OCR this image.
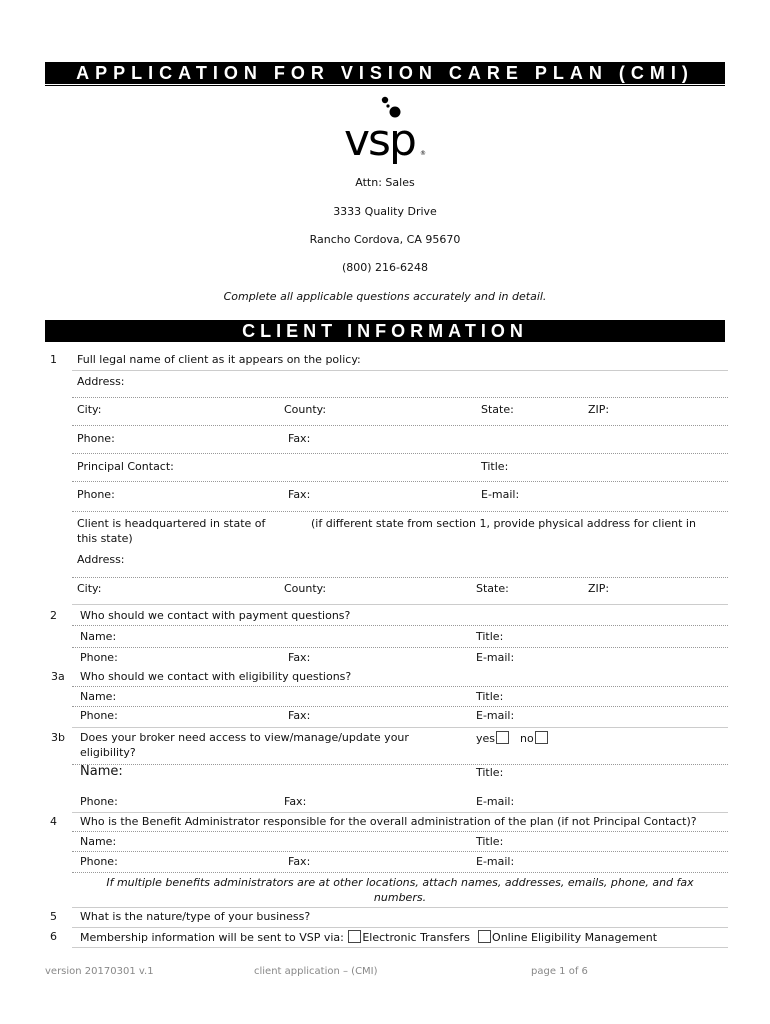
APPLICATION FOR VISION CARE PLAN (CMI)
vsp ®
Attn: Sales
3333 Quality Drive
Rancho Cordova, CA 95670
(800) 216-6248
Complete all applicable questions accurately and in detail.
CLIENT INFORMATION
1 Full legal name of client as it appears on the policy:
Address:
City:	County:	State:	ZIP:
Phone:	Fax:
Principal Contact:	Title:
Phone:	Fax:	E-mail:
Client is headquartered in state of	(if different state from section 1, provide physical address for client in
this state)
Address:
City:	County:	State:	ZIP:
2 Who should we contact with payment questions?
Name:	Title:
Phone:	Fax:	E-mail:
3a Who should we contact with eligibility questions?
Name:	Title:
Phone:	Fax:	E-mail:
3b Does your broker need access to view/manage/update your
eligibility?
yes	no
Name:	Title:
Phone:	Fax:	E-mail:
4 Who is the Benefit Administrator responsible for the overall administration of the plan (if not Principal Contact)?
Name:	Title:
Phone:	Fax:	E-mail:
If multiple benefits administrators are at other locations, attach names, addresses, emails, phone, and fax
numbers.
5 What is the nature/type of your business?
6 Membership information will be sent to VSP via: Electronic Transfers Online Eligibility Management
version 20170301 v.1	client application – (CMI)	page 1 of 6
